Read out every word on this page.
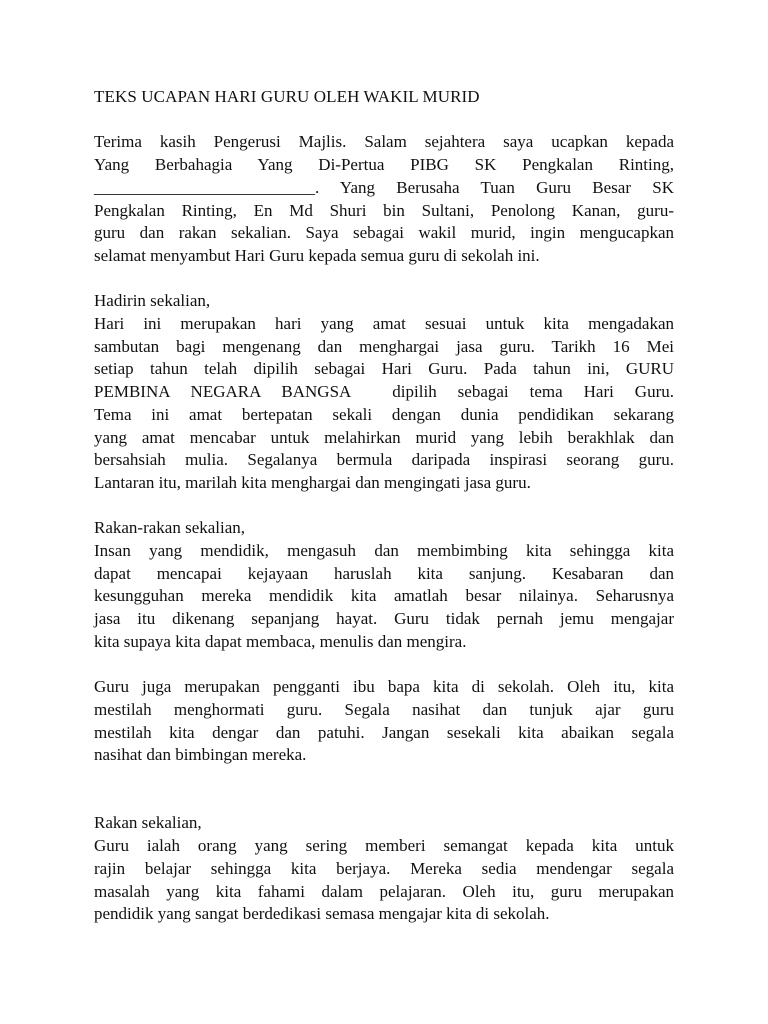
TEKS UCAPAN HARI GURU OLEH WAKIL MURID
Terima kasih Pengerusi Majlis. Salam sejahtera saya ucapkan kepada
Yang Berbahagia Yang Di-Pertua PIBG SK Pengkalan Rinting,
__________________________. Yang Berusaha Tuan Guru Besar SK
Pengkalan Rinting, En Md Shuri bin Sultani, Penolong Kanan, guru-
guru dan rakan sekalian. Saya sebagai wakil murid, ingin mengucapkan
selamat menyambut Hari Guru kepada semua guru di sekolah ini.
Hadirin sekalian,
Hari ini merupakan hari yang amat sesuai untuk kita mengadakan
sambutan bagi mengenang dan menghargai jasa guru. Tarikh 16 Mei
setiap tahun telah dipilih sebagai Hari Guru. Pada tahun ini, GURU
PEMBINA NEGARA BANGSA  dipilih sebagai tema Hari Guru.
Tema ini amat bertepatan sekali dengan dunia pendidikan sekarang
yang amat mencabar untuk melahirkan murid yang lebih berakhlak dan
bersahsiah mulia. Segalanya bermula daripada inspirasi seorang guru.
Lantaran itu, marilah kita menghargai dan mengingati jasa guru.
Rakan-rakan sekalian,
Insan yang mendidik, mengasuh dan membimbing kita sehingga kita
dapat mencapai kejayaan haruslah kita sanjung. Kesabaran dan
kesungguhan mereka mendidik kita amatlah besar nilainya. Seharusnya
jasa itu dikenang sepanjang hayat. Guru tidak pernah jemu mengajar
kita supaya kita dapat membaca, menulis dan mengira.
Guru juga merupakan pengganti ibu bapa kita di sekolah. Oleh itu, kita
mestilah menghormati guru. Segala nasihat dan tunjuk ajar guru
mestilah kita dengar dan patuhi. Jangan sesekali kita abaikan segala
nasihat dan bimbingan mereka.
Rakan sekalian,
Guru ialah orang yang sering memberi semangat kepada kita untuk
rajin belajar sehingga kita berjaya. Mereka sedia mendengar segala
masalah yang kita fahami dalam pelajaran. Oleh itu, guru merupakan
pendidik yang sangat berdedikasi semasa mengajar kita di sekolah.
